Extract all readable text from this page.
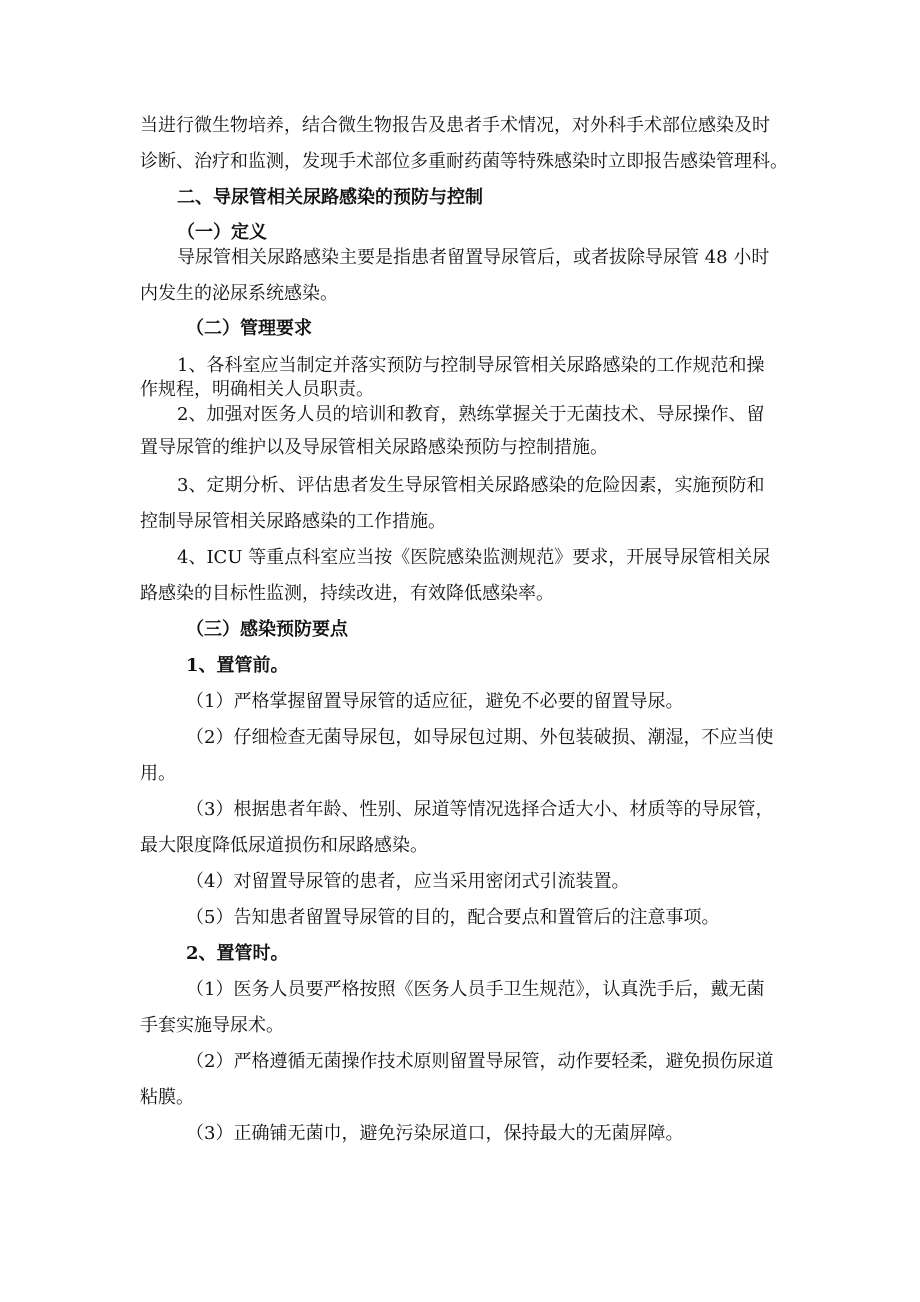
当进行微生物培养，结合微生物报告及患者手术情况，对外科手术部位感染及时

诊断、治疗和监测，发现手术部位多重耐药菌等特殊感染时立即报告感染管理科。

二、导尿管相关尿路感染的预防与控制

（一）定义

导尿管相关尿路感染主要是指患者留置导尿管后，或者拔除导尿管 48 小时

内发生的泌尿系统感染。

（二）管理要求

1、各科室应当制定并落实预防与控制导尿管相关尿路感染的工作规范和操

作规程，明确相关人员职责。

2、加强对医务人员的培训和教育，熟练掌握关于无菌技术、导尿操作、留

置导尿管的维护以及导尿管相关尿路感染预防与控制措施。

3、定期分析、评估患者发生导尿管相关尿路感染的危险因素，实施预防和

控制导尿管相关尿路感染的工作措施。

4、ICU 等重点科室应当按《医院感染监测规范》要求，开展导尿管相关尿

路感染的目标性监测，持续改进，有效降低感染率。

（三）感染预防要点

1、置管前。

（1）严格掌握留置导尿管的适应征，避免不必要的留置导尿。

（2）仔细检查无菌导尿包，如导尿包过期、外包装破损、潮湿，不应当使

用。

（3）根据患者年龄、性别、尿道等情况选择合适大小、材质等的导尿管，

最大限度降低尿道损伤和尿路感染。

（4）对留置导尿管的患者，应当采用密闭式引流装置。

（5）告知患者留置导尿管的目的，配合要点和置管后的注意事项。

2、置管时。

（1）医务人员要严格按照《医务人员手卫生规范》，认真洗手后，戴无菌

手套实施导尿术。

（2）严格遵循无菌操作技术原则留置导尿管，动作要轻柔，避免损伤尿道

粘膜。

（3）正确铺无菌巾，避免污染尿道口，保持最大的无菌屏障。
